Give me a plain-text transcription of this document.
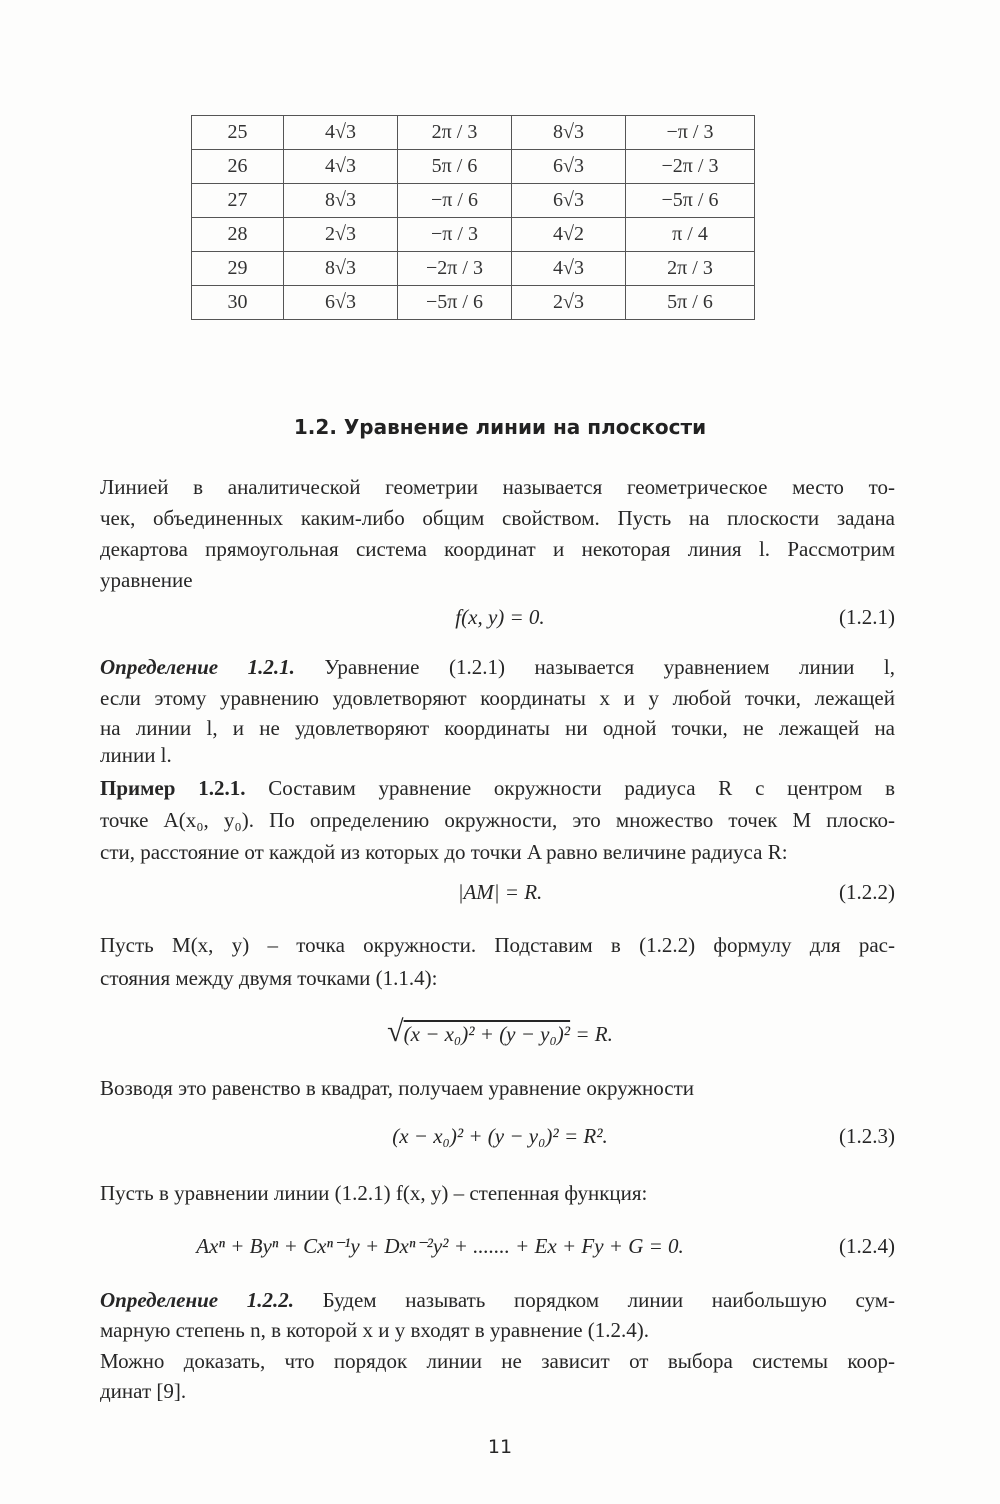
25	4√3	2π / 3	8√3	−π / 3
26	4√3	5π / 6	6√3	−2π / 3
27	8√3	−π / 6	6√3	−5π / 6
28	2√3	−π / 3	4√2	π / 4
29	8√3	−2π / 3	4√3	2π / 3
30	6√3	−5π / 6	2√3	5π / 6
1.2. Уравнение линии на плоскости
Линией в аналитической геометрии называется геометрическое место то-
чек, объединенных каким-либо общим свойством. Пусть на плоскости задана
декартова прямоугольная система координат и некоторая линия l. Рассмотрим
уравнение
f(x, y) = 0.	(1.2.1)
Определение 1.2.1. Уравнение (1.2.1) называется уравнением линии l,
если этому уравнению удовлетворяют координаты x и y любой точки, лежащей
на линии l, и не удовлетворяют координаты ни одной точки, не лежащей на
линии l.
Пример 1.2.1. Составим уравнение окружности радиуса R с центром в
точке A(x₀, y₀). По определению окружности, это множество точек M плоско-
сти, расстояние от каждой из которых до точки A равно величине радиуса R:
|AM| = R.	(1.2.2)
Пусть M(x, y) – точка окружности. Подставим в (1.2.2) формулу для рас-
стояния между двумя точками (1.1.4):
√(x − x₀)² + (y − y₀)² = R.
Возводя это равенство в квадрат, получаем уравнение окружности
(x − x₀)² + (y − y₀)² = R².	(1.2.3)
Пусть в уравнении линии (1.2.1) f(x, y) – степенная функция:
Axⁿ + Byⁿ + Cxⁿ⁻¹y + Dxⁿ⁻²y² + ....... + Ex + Fy + G = 0.	(1.2.4)
Определение 1.2.2. Будем называть порядком линии наибольшую сум-
марную степень n, в которой x и y входят в уравнение (1.2.4).
Можно доказать, что порядок линии не зависит от выбора системы коор-
динат [9].
11
